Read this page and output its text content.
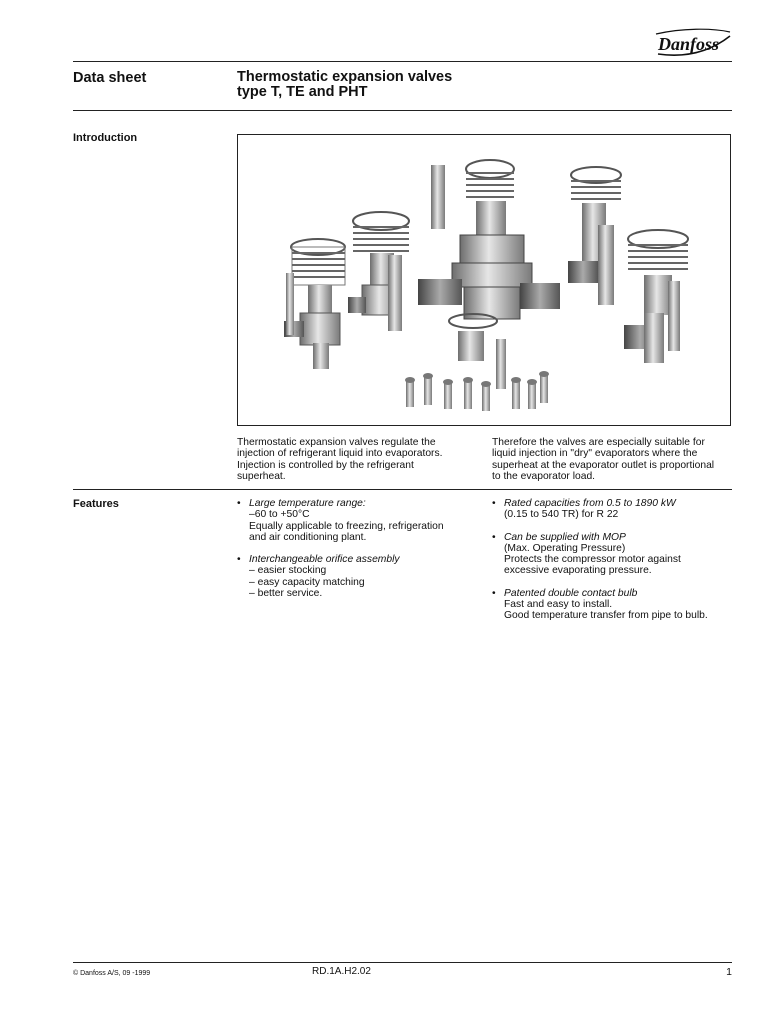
Danfoss
Data sheet	Thermostatic expansion valves
type T, TE and PHT
Introduction

Thermostatic expansion valves regulate the

injection of refrigerant liquid into evaporators.

Injection is controlled by the refrigerant

superheat.

Therefore the valves are especially suitable for

liquid injection in "dry" evaporators where the

superheat at the evaporator outlet is proportional

to the evaporator load.

Features	• Large temperature range:

–60 to +50°C

Equally applicable to freezing, refrigeration

and air conditioning plant.

• Interchangeable orifice assembly

– easier stocking

– easy capacity matching

– better service.

• Rated capacities from 0.5 to 1890 kW

(0.15 to 540 TR) for R 22

• Can be supplied with MOP

(Max. Operating Pressure)

Protects the compressor motor against

excessive evaporating pressure.

• Patented double contact bulb

Fast and easy to install.

Good temperature transfer from pipe to bulb.

© Danfoss A/S, 09 -1999	RD.1A.H2.02	1
